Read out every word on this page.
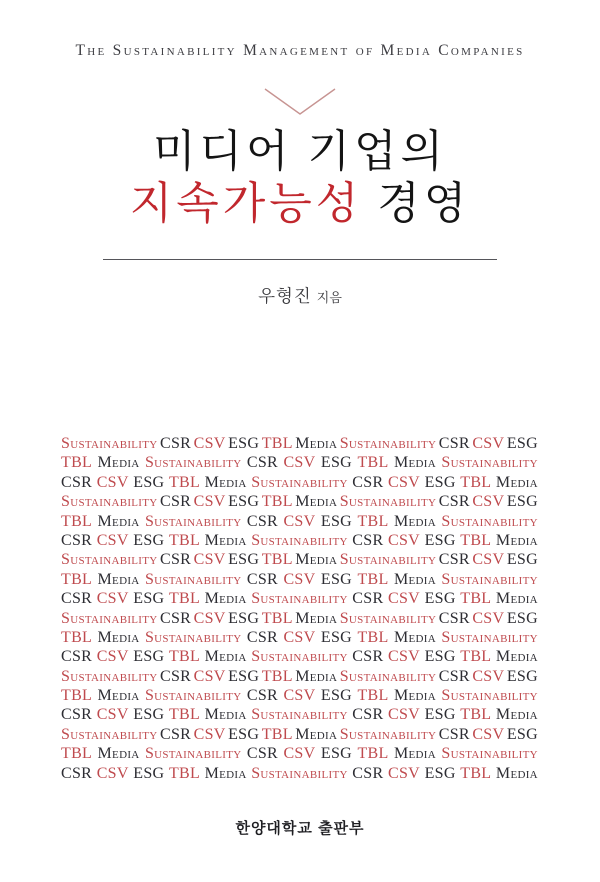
The Sustainability Management of Media Companies
미디어 기업의
지속가능성 경영
우형진 지음
Sustainability CSR CSV ESG TBL Media Sustainability CSR CSV ESG
TBL Media Sustainability CSR CSV ESG TBL Media Sustainability
CSR CSV ESG TBL Media Sustainability CSR CSV ESG TBL Media
Sustainability CSR CSV ESG TBL Media Sustainability CSR CSV ESG
TBL Media Sustainability CSR CSV ESG TBL Media Sustainability
CSR CSV ESG TBL Media Sustainability CSR CSV ESG TBL Media
Sustainability CSR CSV ESG TBL Media Sustainability CSR CSV ESG
TBL Media Sustainability CSR CSV ESG TBL Media Sustainability
CSR CSV ESG TBL Media Sustainability CSR CSV ESG TBL Media
Sustainability CSR CSV ESG TBL Media Sustainability CSR CSV ESG
TBL Media Sustainability CSR CSV ESG TBL Media Sustainability
CSR CSV ESG TBL Media Sustainability CSR CSV ESG TBL Media
Sustainability CSR CSV ESG TBL Media Sustainability CSR CSV ESG
TBL Media Sustainability CSR CSV ESG TBL Media Sustainability
CSR CSV ESG TBL Media Sustainability CSR CSV ESG TBL Media
Sustainability CSR CSV ESG TBL Media Sustainability CSR CSV ESG
TBL Media Sustainability CSR CSV ESG TBL Media Sustainability
CSR CSV ESG TBL Media Sustainability CSR CSV ESG TBL Media
한양대학교 출판부
